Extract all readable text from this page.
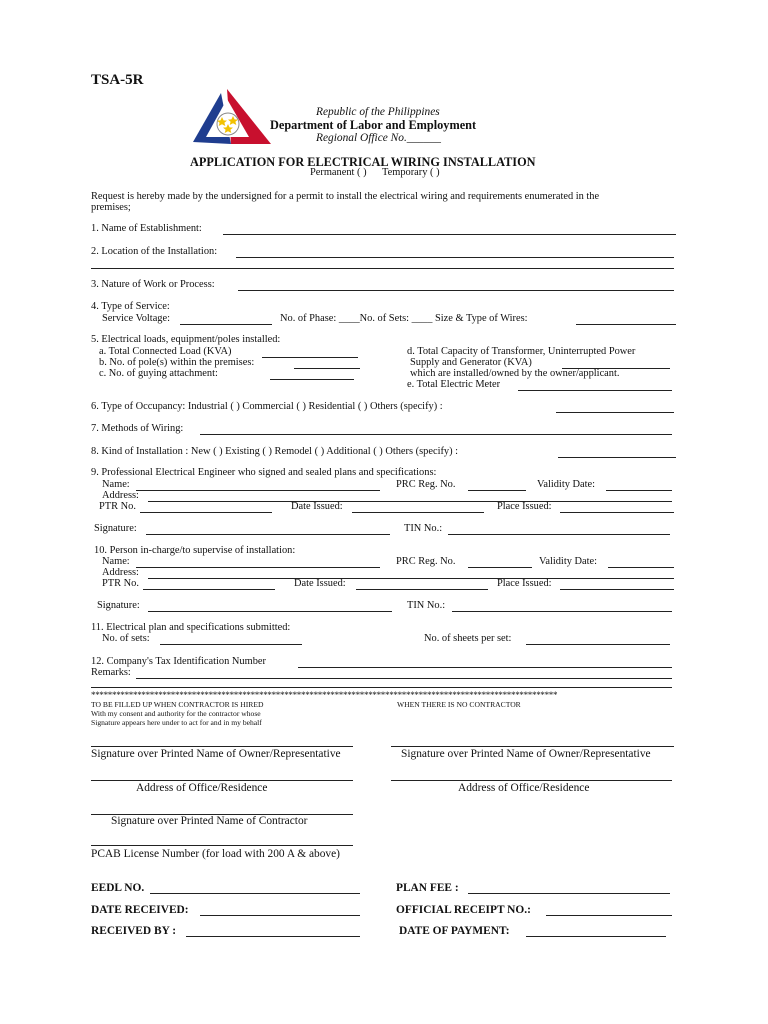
TSA-5R
Republic of the Philippines
Department of Labor and Employment
Regional Office No.______
APPLICATION FOR ELECTRICAL WIRING INSTALLATION
Permanent ( ) Temporary ( )
Request is hereby made by the undersigned for a permit to install the electrical wiring and requirements enumerated in the
premises;
1. Name of Establishment:
2. Location of the Installation:
3. Nature of Work or Process:
4. Type of Service:
Service Voltage:	No. of Phase: ____No. of Sets: ____ Size & Type of Wires:
5. Electrical loads, equipment/poles installed:
a. Total Connected Load (KVA)
b. No. of pole(s) within the premises:
c. No. of guying attachment:
d. Total Capacity of Transformer, Uninterrupted Power
Supply and Generator (KVA)
which are installed/owned by the owner/applicant.
e. Total Electric Meter
6. Type of Occupancy: Industrial ( ) Commercial ( ) Residential ( ) Others (specify) :
7. Methods of Wiring:
8. Kind of Installation : New ( ) Existing ( ) Remodel ( ) Additional ( ) Others (specify) :
9. Professional Electrical Engineer who signed and sealed plans and specifications:
Name:	PRC Reg. No.	Validity Date:
Address:
PTR No.	Date Issued:	Place Issued:
Signature:	TIN No.:
10. Person in-charge/to supervise of installation:
Name:	PRC Reg. No.	Validity Date:
Address:
PTR No.	Date Issued:	Place Issued:
Signature:	TIN No.:
11. Electrical plan and specifications submitted:
No. of sets:	No. of sheets per set:
12. Company's Tax Identification Number
Remarks:
***************************************************************************************************************
TO BE FILLED UP WHEN CONTRACTOR IS HIRED
With my consent and authority for the contractor whose
Signature appears here under to act for and in my behalf
WHEN THERE IS NO CONTRACTOR
Signature over Printed Name of Owner/Representative	Signature over Printed Name of Owner/Representative
Address of Office/Residence	Address of Office/Residence
Signature over Printed Name of Contractor
PCAB License Number (for load with 200 A & above)
EEDL NO.	PLAN FEE :
DATE RECEIVED:	OFFICIAL RECEIPT NO.:
RECEIVED BY :	DATE OF PAYMENT:
